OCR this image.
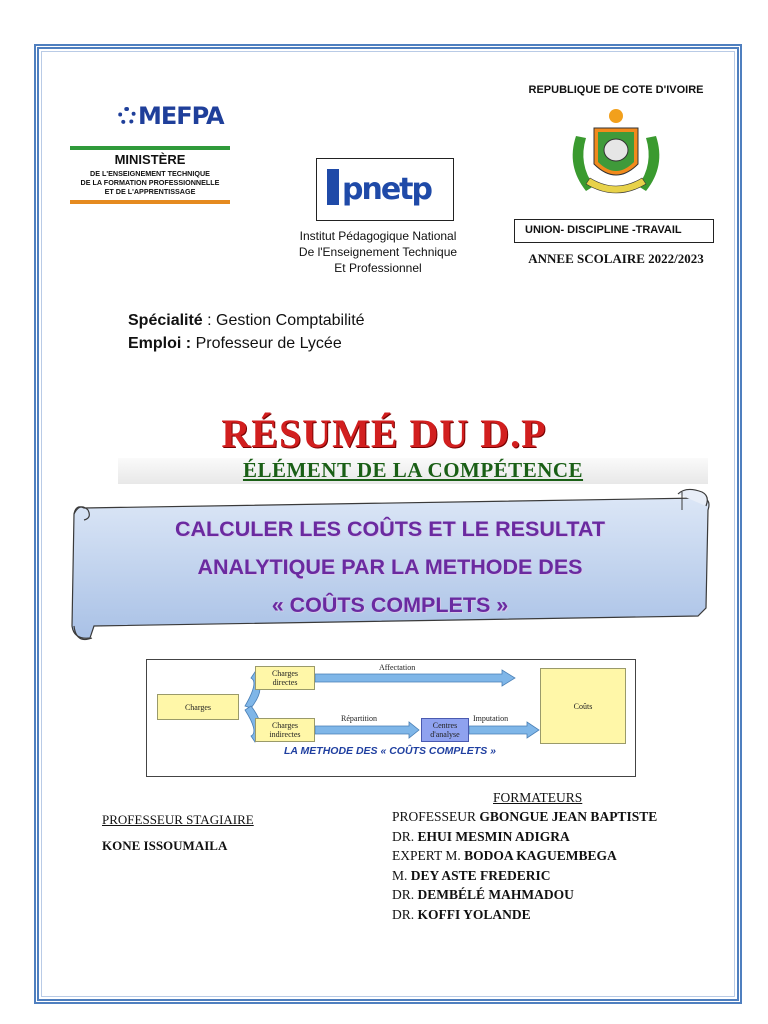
MEFPA
MINISTÈRE
DE L'ENSEIGNEMENT TECHNIQUE
DE LA FORMATION PROFESSIONNELLE
ET DE L'APPRENTISSAGE	pnetp
Institut Pédagogique National
De l'Enseignement Technique
Et Professionnel
REPUBLIQUE DE COTE D'IVOIRE
UNION- DISCIPLINE -TRAVAIL
ANNEE SCOLAIRE 2022/2023
Spécialité : Gestion Comptabilité
Emploi : Professeur de Lycée
RÉSUMÉ DU D.P
ÉLÉMENT DE LA COMPÉTENCE
CALCULER LES COÛTS ET LE RESULTAT
ANALYTIQUE PAR LA METHODE DES
« COÛTS COMPLETS »
Charges
Charges
directes
Charges
indirectes
Centres
d'analyse
Coûts
Affectation
Répartition	Imputation
LA METHODE DES « COÛTS COMPLETS »
PROFESSEUR STAGIAIRE
KONE ISSOUMAILA
FORMATEURS
PROFESSEUR GBONGUE JEAN BAPTISTE
DR. EHUI MESMIN ADIGRA
EXPERT M. BODOA KAGUEMBEGA
M. DEY ASTE FREDERIC
DR. DEMBÉLÉ MAHMADOU
DR. KOFFI YOLANDE
